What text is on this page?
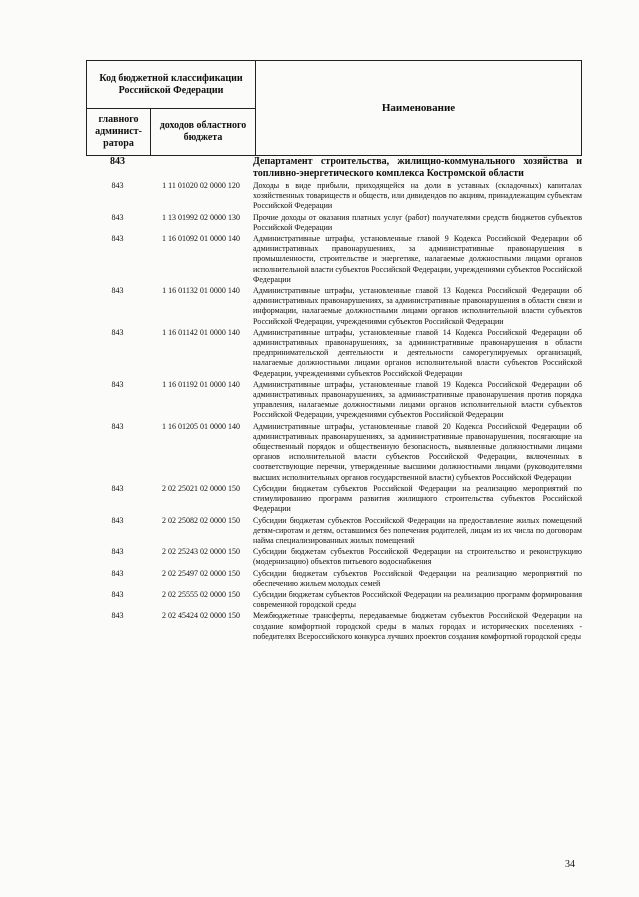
Код бюджетной классификации Российской Федерации		Наименование
главного админист-ратора	доходов областного бюджета	
843	Департамент строительства, жилищно-коммунального хозяйства и топливно-энергетического комплекса Костромской области
843	1 11 01020 02 0000 120	Доходы в виде прибыли, приходящейся на доли в уставных (складочных) капиталах хозяйственных товариществ и обществ, или дивидендов по акциям, принадлежащим субъектам Российской Федерации
843	1 13 01992 02 0000 130	Прочие доходы от оказания платных услуг (работ) получателями средств бюджетов субъектов Российской Федерации
843	1 16 01092 01 0000 140	Административные штрафы, установленные главой 9 Кодекса Российской Федерации об административных правонарушениях, за административные правонарушения в промышленности, строительстве и энергетике, налагаемые должностными лицами органов исполнительной власти субъектов Российской Федерации, учреждениями субъектов Российской Федерации
843	1 16 01132 01 0000 140	Административные штрафы, установленные главой 13 Кодекса Российской Федерации об административных правонарушениях, за административные правонарушения в области связи и информации, налагаемые должностными лицами органов исполнительной власти субъектов Российской Федерации, учреждениями субъектов Российской Федерации
843	1 16 01142 01 0000 140	Административные штрафы, установленные главой 14 Кодекса Российской Федерации об административных правонарушениях, за административные правонарушения в области предпринимательской деятельности и деятельности саморегулируемых организаций, налагаемые должностными лицами органов исполнительной власти субъектов Российской Федерации, учреждениями субъектов Российской Федерации
843	1 16 01192 01 0000 140	Административные штрафы, установленные главой 19 Кодекса Российской Федерации об административных правонарушениях, за административные правонарушения против порядка управления, налагаемые должностными лицами органов исполнительной власти субъектов Российской Федерации, учреждениями субъектов Российской Федерации
843	1 16 01205 01 0000 140	Административные штрафы, установленные главой 20 Кодекса Российской Федерации об административных правонарушениях, за административные правонарушения, посягающие на общественный порядок и общественную безопасность, выявленные должностными лицами органов исполнительной власти субъектов Российской Федерации, включенных в соответствующие перечни, утвержденные высшими должностными лицами (руководителями высших исполнительных органов государственной власти) субъектов Российской Федерации
843	2 02 25021 02 0000 150	Субсидии бюджетам субъектов Российской Федерации на реализацию мероприятий по стимулированию программ развития жилищного строительства субъектов Российской Федерации
843	2 02 25082 02 0000 150	Субсидии бюджетам субъектов Российской Федерации на предоставление жилых помещений детям-сиротам и детям, оставшимся без попечения родителей, лицам из их числа по договорам найма специализированных жилых помещений
843	2 02 25243 02 0000 150	Субсидии бюджетам субъектов Российской Федерации на строительство и реконструкцию (модернизацию) объектов питьевого водоснабжения
843	2 02 25497 02 0000 150	Субсидии бюджетам субъектов Российской Федерации на реализацию мероприятий по обеспечению жильем молодых семей
843	2 02 25555 02 0000 150	Субсидии бюджетам субъектов Российской Федерации на реализацию программ формирования современной городской среды
843	2 02 45424 02 0000 150	Межбюджетные трансферты, передаваемые бюджетам субъектов Российской Федерации на создание комфортной городской среды в малых городах и исторических поселениях - победителях Всероссийского конкурса лучших проектов создания комфортной городской среды
34
